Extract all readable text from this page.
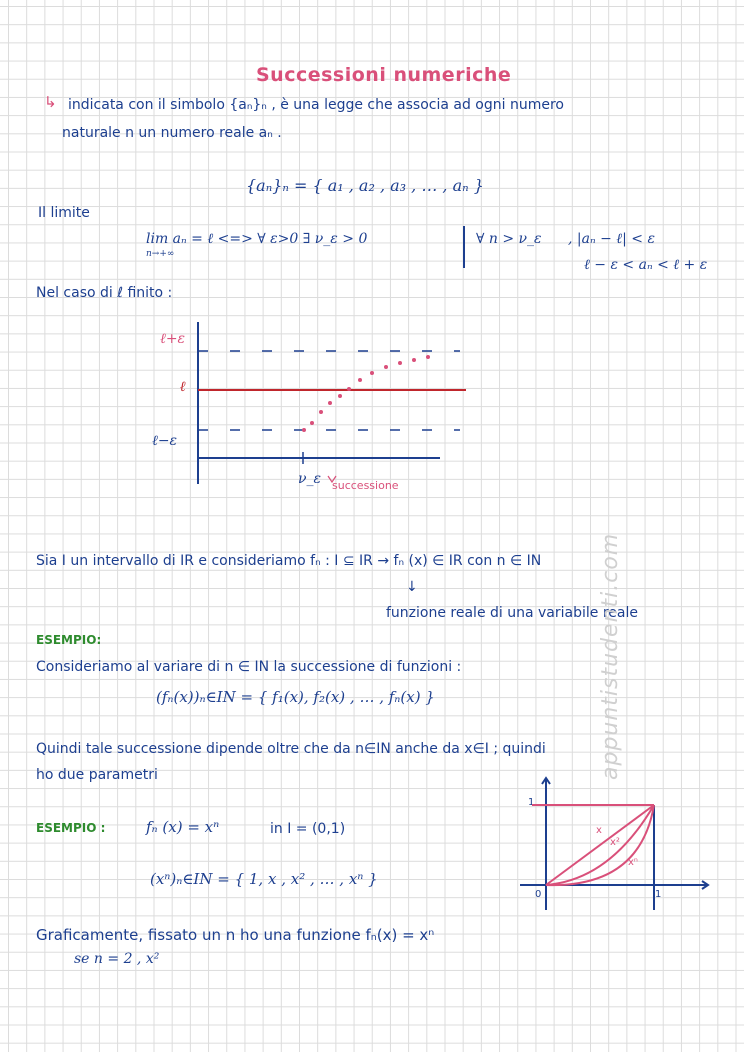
Successioni numeriche
↳ indicata con il simbolo {aₙ}ₙ , è una legge che associa ad ogni numero
naturale n un numero reale aₙ .
{aₙ}ₙ = { a₁ , a₂ , a₃ , … , aₙ }
Il limite
lim aₙ = ℓ <=> ∀ ε>0 ∃ ν_ε > 0
n→+∞
∀ n > ν_ε , |aₙ − ℓ| < ε
ℓ − ε < aₙ < ℓ + ε
Nel caso di ℓ finito :
ℓ+ε
ℓ
ℓ−ε
ν_ε successione
Sia I un intervallo di IR e consideriamo fₙ : I ⊆ IR → fₙ (x) ∈ IR con n ∈ IN
↓
funzione reale di una variabile reale
ESEMPIO:
Consideriamo al variare di n ∈ IN la successione di funzioni :
(fₙ(x))ₙ∈IN = { f₁(x), f₂(x) , … , fₙ(x) }
Quindi tale successione dipende oltre che da n∈IN anche da x∈I ; quindi
ho due parametri
ESEMPIO :	fₙ (x) = xⁿ	in I = (0,1)
(xⁿ)ₙ∈IN = { 1, x , x² , … , xⁿ }
1
1
0
x
x²
xⁿ
Graficamente, fissato un n ho una funzione fₙ(x) = xⁿ
se n = 2 , x²
appuntistudenti.com
